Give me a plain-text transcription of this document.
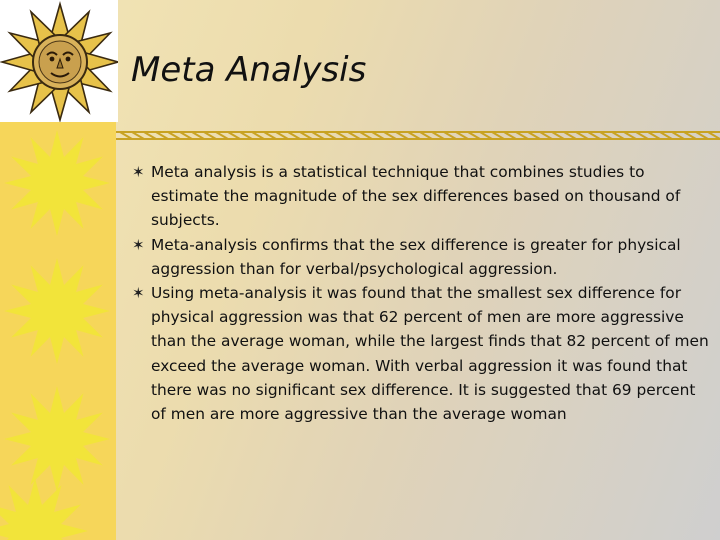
Meta Analysis
✶ Meta analysis is a statistical technique that combines studies to estimate the magnitude of the sex differences based on thousand of subjects.
✶ Meta-analysis confirms that the sex difference is greater for physical aggression than for verbal/psychological aggression.
✶ Using meta-analysis it was found that the smallest sex difference for physical aggression was that 62 percent of men are more aggressive than the average woman, while the largest finds that 82 percent of men exceed the average woman. With verbal aggression it was found that there was no significant sex difference. It is suggested that 69 percent of men are more aggressive than the average woman
